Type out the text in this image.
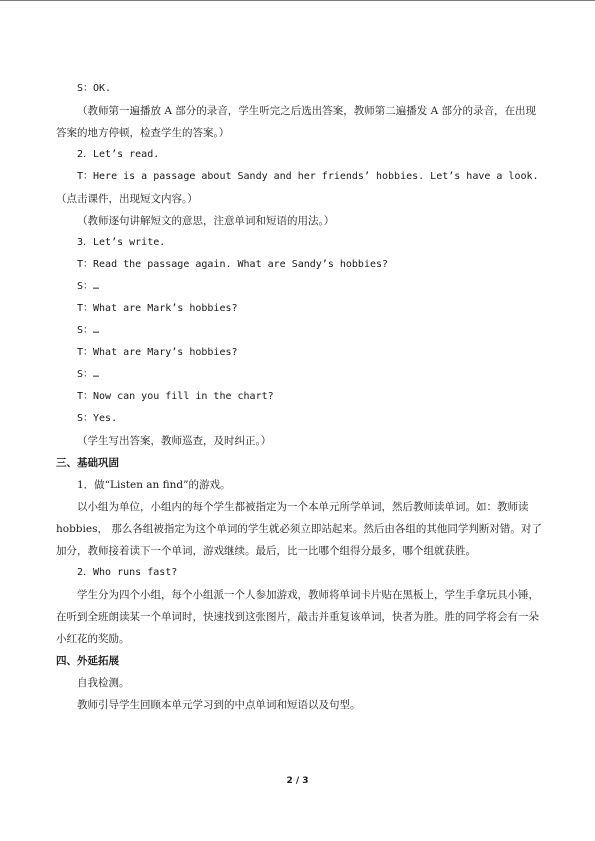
S：OK.

（教师第一遍播放 A 部分的录音，学生听完之后选出答案，教师第二遍播发 A 部分的录音，在出现答案的地方停顿，检查学生的答案。）

2．Let’s read.

T：Here is a passage about Sandy and her friends’ hobbies. Let’s have a look.

（点击课件，出现短文内容。）

（教师逐句讲解短文的意思，注意单词和短语的用法。）

3．Let’s write.

T：Read the passage again. What are Sandy’s hobbies?

S：…

T：What are Mark’s hobbies?

S：…

T：What are Mary’s hobbies?

S：…

T：Now can you fill in the chart?

S：Yes.

（学生写出答案，教师巡查，及时纠正。）

三、基础巩固

1．做“Listen an find”的游戏。

以小组为单位，小组内的每个学生都被指定为一个本单元所学单词，然后教师读单词。如：教师读 hobbies， 那么各组被指定为这个单词的学生就必须立即站起来。然后由各组的其他同学判断对错。对了加分，教师接着读下一个单词，游戏继续。最后，比一比哪个组得分最多，哪个组就获胜。

2．Who runs fast?

学生分为四个小组，每个小组派一个人参加游戏，教师将单词卡片贴在黑板上，学生手拿玩具小锤，在听到全班朗读某一个单词时，快速找到这张图片，敲击并重复该单词，快者为胜。胜的同学将会有一朵小红花的奖励。

四、外延拓展

自我检测。

教师引导学生回顾本单元学习到的中点单词和短语以及句型。

2 / 3
